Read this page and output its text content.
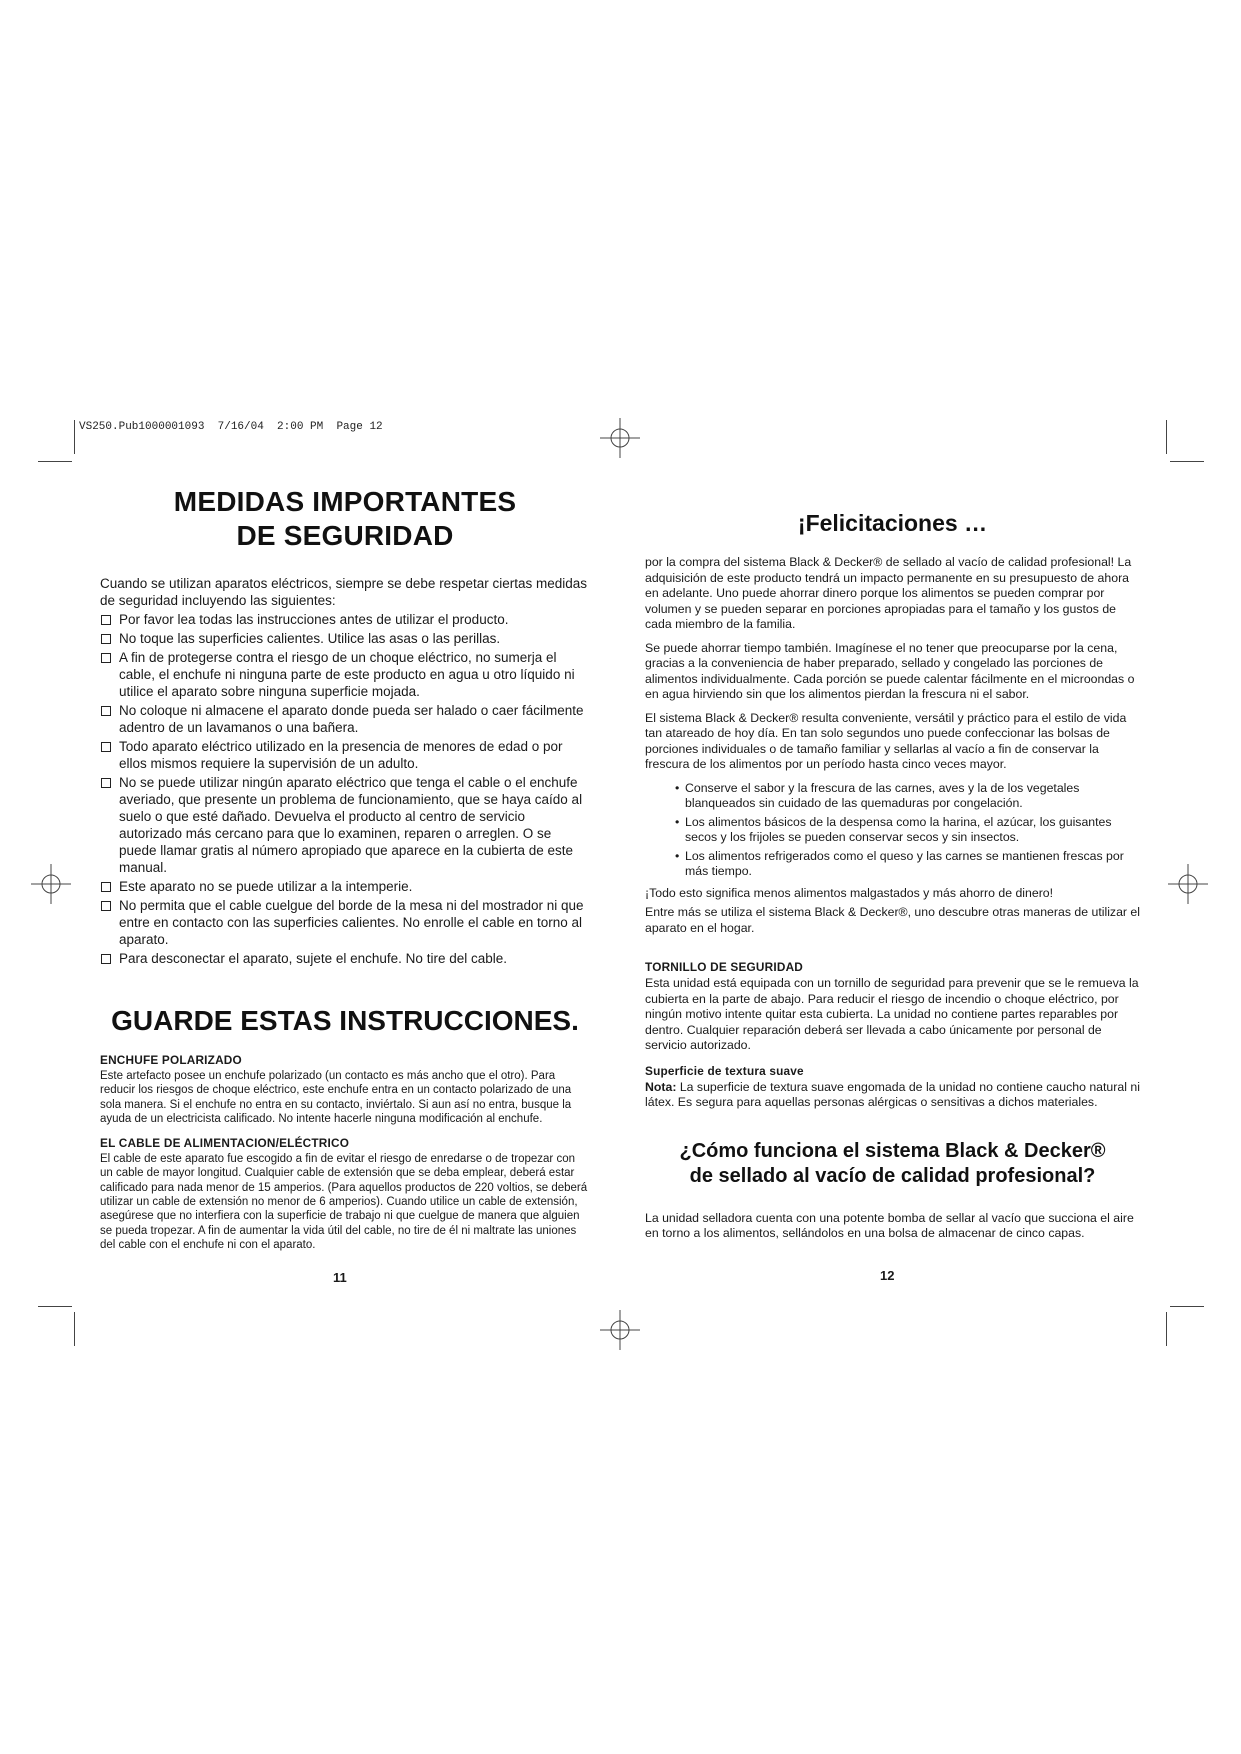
VS250.Pub1000001093  7/16/04  2:00 PM  Page 12
MEDIDAS IMPORTANTES
DE SEGURIDAD

Cuando se utilizan aparatos eléctricos, siempre se debe respetar ciertas medidas de seguridad incluyendo las siguientes:

Por favor lea todas las instrucciones antes de utilizar el producto.
No toque las superficies calientes. Utilice las asas o las perillas.
A fin de protegerse contra el riesgo de un choque eléctrico, no sumerja el cable, el enchufe ni ninguna parte de este producto en agua u otro líquido ni utilice el aparato sobre ninguna superficie mojada.
No coloque ni almacene el aparato donde pueda ser halado o caer fácilmente adentro de un lavamanos o una bañera.
Todo aparato eléctrico utilizado en la presencia de menores de edad o por ellos mismos requiere la supervisión de un adulto.
No se puede utilizar ningún aparato eléctrico que tenga el cable o el enchufe averiado, que presente un problema de funcionamiento, que se haya caído al suelo o que esté dañado. Devuelva el producto al centro de servicio autorizado más cercano para que lo examinen, reparen o arreglen. O se puede llamar gratis al número apropiado que aparece en la cubierta de este manual.
Este aparato no se puede utilizar a la intemperie.
No permita que el cable cuelgue del borde de la mesa ni del mostrador ni que entre en contacto con las superficies calientes. No enrolle el cable en torno al aparato.
Para desconectar el aparato, sujete el enchufe. No tire del cable.
GUARDE ESTAS INSTRUCCIONES.

ENCHUFE POLARIZADO

Este artefacto posee un enchufe polarizado (un contacto es más ancho que el otro). Para reducir los riesgos de choque eléctrico, este enchufe entra en un contacto polarizado de una sola manera. Si el enchufe no entra en su contacto, inviértalo. Si aun así no entra, busque la ayuda de un electricista calificado. No intente hacerle ninguna modificación al enchufe.

EL CABLE DE ALIMENTACION/ELÉCTRICO

El cable de este aparato fue escogido a fin de evitar el riesgo de enredarse o de tropezar con un cable de mayor longitud. Cualquier cable de extensión que se deba emplear, deberá estar calificado para nada menor de 15 amperios. (Para aquellos productos de 220 voltios, se deberá utilizar un cable de extensión no menor de 6 amperios). Cuando utilice un cable de extensión, asegúrese que no interfiera con la superficie de trabajo ni que cuelgue de manera que alguien se pueda tropezar. A fin de aumentar la vida útil del cable, no tire de él ni maltrate las uniones del cable con el enchufe ni con el aparato.

11
¡Felicitaciones …

por la compra del sistema Black & Decker® de sellado al vacío de calidad profesional! La adquisición de este producto tendrá un impacto permanente en su presupuesto de ahora en adelante. Uno puede ahorrar dinero porque los alimentos se pueden comprar por volumen y se pueden separar en porciones apropiadas para el tamaño y los gustos de cada miembro de la familia.

Se puede ahorrar tiempo también. Imagínese el no tener que preocuparse por la cena, gracias a la conveniencia de haber preparado, sellado y congelado las porciones de alimentos individualmente. Cada porción se puede calentar fácilmente en el microondas o en agua hirviendo sin que los alimentos pierdan la frescura ni el sabor.

El sistema Black & Decker® resulta conveniente, versátil y práctico para el estilo de vida tan atareado de hoy día. En tan solo segundos uno puede confeccionar las bolsas de porciones individuales o de tamaño familiar y sellarlas al vacío a fin de conservar la frescura de los alimentos por un período hasta cinco veces mayor.

• Conserve el sabor y la frescura de las carnes, aves y la de los vegetales blanqueados sin cuidado de las quemaduras por congelación.
• Los alimentos básicos de la despensa como la harina, el azúcar, los guisantes secos y los frijoles se pueden conservar secos y sin insectos.
• Los alimentos refrigerados como el queso y las carnes se mantienen frescas por más tiempo.

¡Todo esto significa menos alimentos malgastados y más ahorro de dinero!

Entre más se utiliza el sistema Black & Decker®, uno descubre otras maneras de utilizar el aparato en el hogar.

TORNILLO DE SEGURIDAD

Esta unidad está equipada con un tornillo de seguridad para prevenir que se le remueva la cubierta en la parte de abajo. Para reducir el riesgo de incendio o choque eléctrico, por ningún motivo intente quitar esta cubierta. La unidad no contiene partes reparables por dentro. Cualquier reparación deberá ser llevada a cabo únicamente por personal de servicio autorizado.

Superficie de textura suave

Nota: La superficie de textura suave engomada de la unidad no contiene caucho natural ni látex. Es segura para aquellas personas alérgicas o sensitivas a dichos materiales.

¿Cómo funciona el sistema Black & Decker®
de sellado al vacío de calidad profesional?

La unidad selladora cuenta con una potente bomba de sellar al vacío que succiona el aire en torno a los alimentos, sellándolos en una bolsa de almacenar de cinco capas.

12
